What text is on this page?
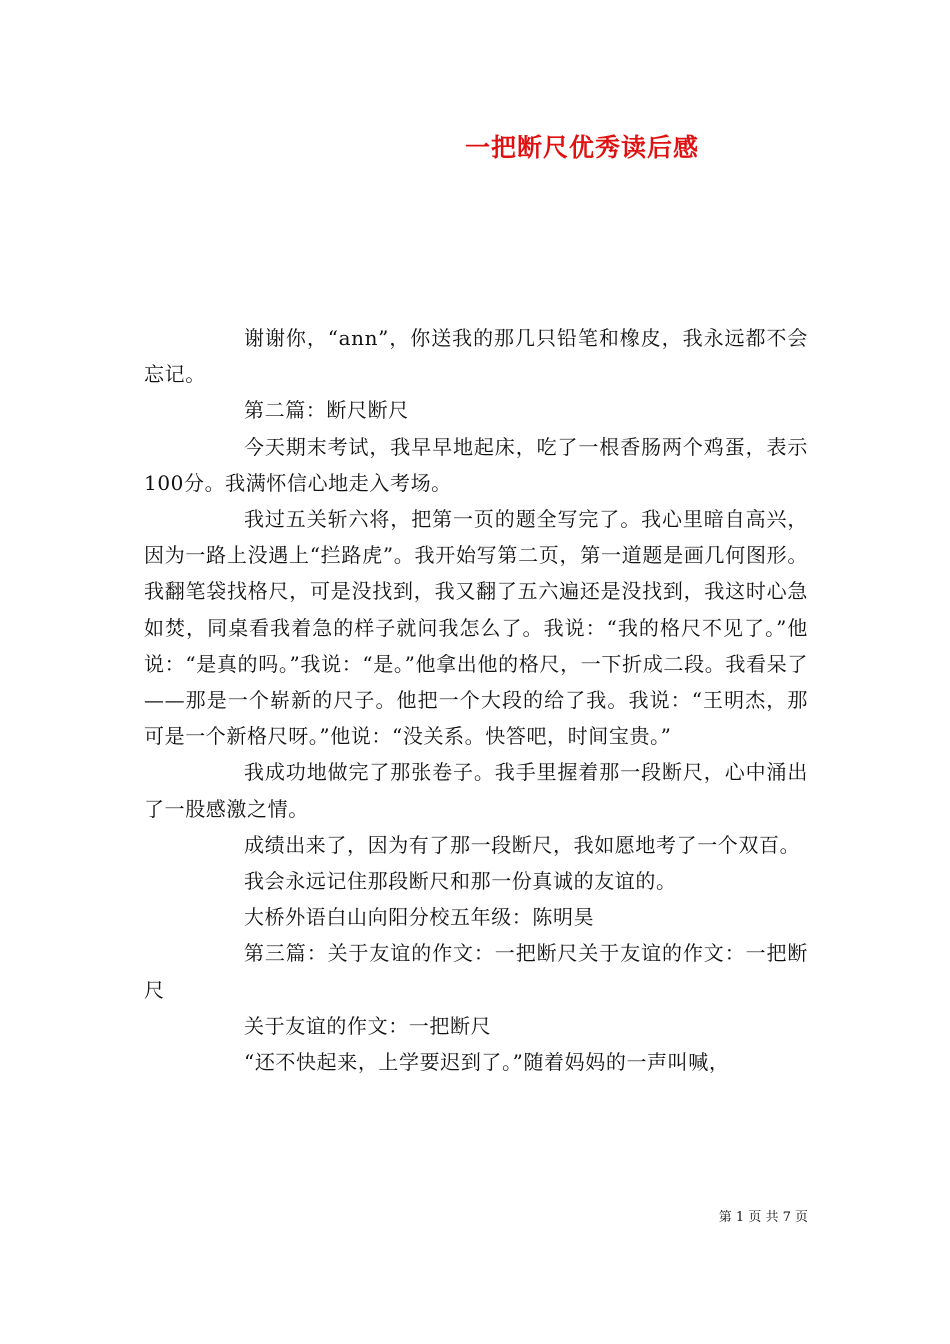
一把断尺优秀读后感

谢谢你，“ann”，你送我的那几只铅笔和橡皮，我永远都不会忘记。

第二篇：断尺断尺

今天期末考试，我早早地起床，吃了一根香肠两个鸡蛋，表示100分。我满怀信心地走入考场。

我过五关斩六将，把第一页的题全写完了。我心里暗自高兴，因为一路上没遇上“拦路虎”。我开始写第二页，第一道题是画几何图形。我翻笔袋找格尺，可是没找到，我又翻了五六遍还是没找到，我这时心急如焚，同桌看我着急的样子就问我怎么了。我说：“我的格尺不见了。”他说：“是真的吗。”我说：“是。”他拿出他的格尺，一下折成二段。我看呆了——那是一个崭新的尺子。他把一个大段的给了我。我说：“王明杰，那可是一个新格尺呀。”他说：“没关系。快答吧，时间宝贵。”

我成功地做完了那张卷子。我手里握着那一段断尺，心中涌出了一股感激之情。

成绩出来了，因为有了那一段断尺，我如愿地考了一个双百。

我会永远记住那段断尺和那一份真诚的友谊的。

大桥外语白山向阳分校五年级：陈明昊

第三篇：关于友谊的作文：一把断尺关于友谊的作文：一把断尺

关于友谊的作文：一把断尺

“还不快起来，上学要迟到了。”随着妈妈的一声叫喊，

第 1 页 共 7 页
